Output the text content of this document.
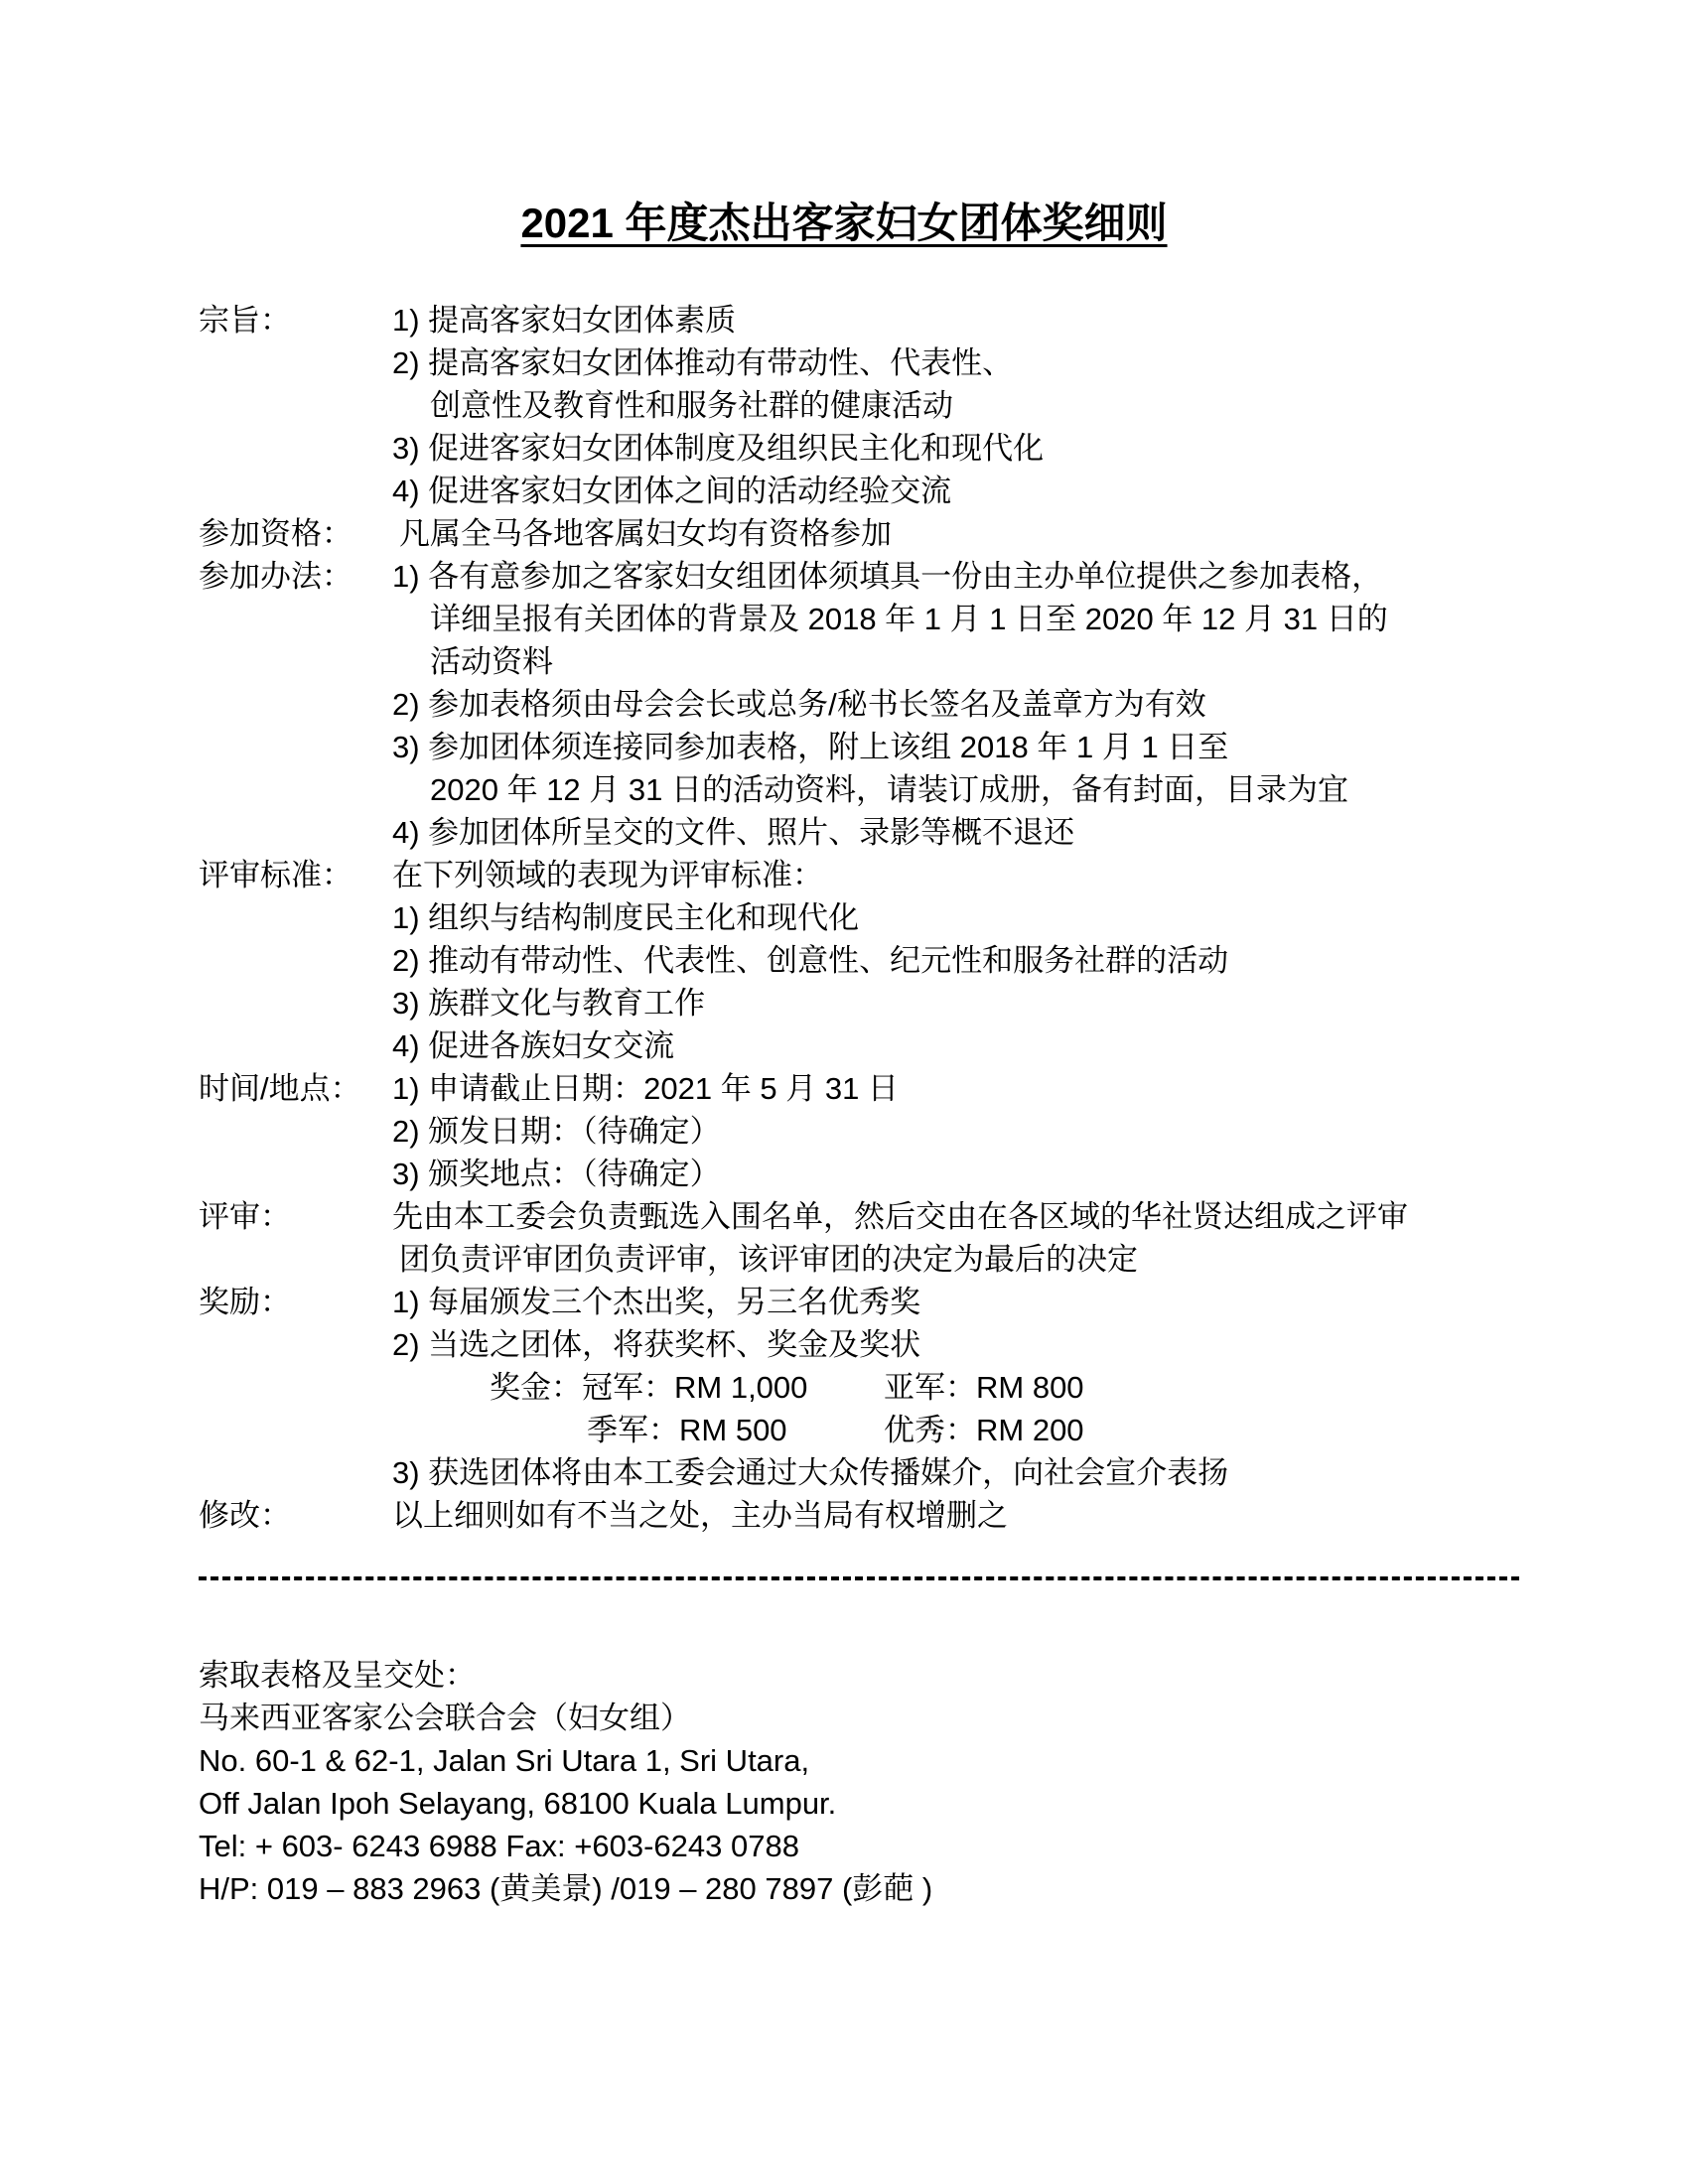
2021 年度杰出客家妇女团体奖细则
宗旨：	1) 提高客家妇女团体素质
2) 提高客家妇女团体推动有带动性、代表性、
创意性及教育性和服务社群的健康活动
3) 促进客家妇女团体制度及组织民主化和现代化
4) 促进客家妇女团体之间的活动经验交流
参加资格： 凡属全马各地客属妇女均有资格参加
参加办法： 1) 各有意参加之客家妇女组团体须填具一份由主办单位提供之参加表格，
详细呈报有关团体的背景及 2018 年 1 月 1 日至 2020 年 12 月 31 日的
活动资料
2) 参加表格须由母会会长或总务/秘书长签名及盖章方为有效
3) 参加团体须连接同参加表格，附上该组 2018 年 1 月 1 日至
2020 年 12 月 31 日的活动资料，请装订成册，备有封面，目录为宜
4) 参加团体所呈交的文件、照片、录影等概不退还
评审标准： 在下列领域的表现为评审标准：
1) 组织与结构制度民主化和现代化
2) 推动有带动性、代表性、创意性、纪元性和服务社群的活动
3) 族群文化与教育工作
4) 促进各族妇女交流
时间/地点： 1) 申请截止日期：2021 年 5 月 31 日
2) 颁发日期：（待确定）
3) 颁奖地点：（待确定）
评审：	先由本工委会负责甄选入围名单，然后交由在各区域的华社贤达组成之评审
团负责评审团负责评审，该评审团的决定为最后的决定
奖励：	1) 每届颁发三个杰出奖，另三名优秀奖
2) 当选之团体，将获奖杯、奖金及奖状
奖金：冠军：RM 1,000 亚军：RM 800
季军：RM 500	优秀：RM 200
3) 获选团体将由本工委会通过大众传播媒介，向社会宣介表扬
修改：	以上细则如有不当之处，主办当局有权增删之
索取表格及呈交处：
马来西亚客家公会联合会（妇女组）
No. 60-1 & 62-1, Jalan Sri Utara 1, Sri Utara,
Off Jalan Ipoh Selayang, 68100 Kuala Lumpur.
Tel: + 603- 6243 6988 Fax: +603-6243 0788
H/P: 019 – 883 2963 (黄美景) /019 – 280 7897 (彭葩 )
